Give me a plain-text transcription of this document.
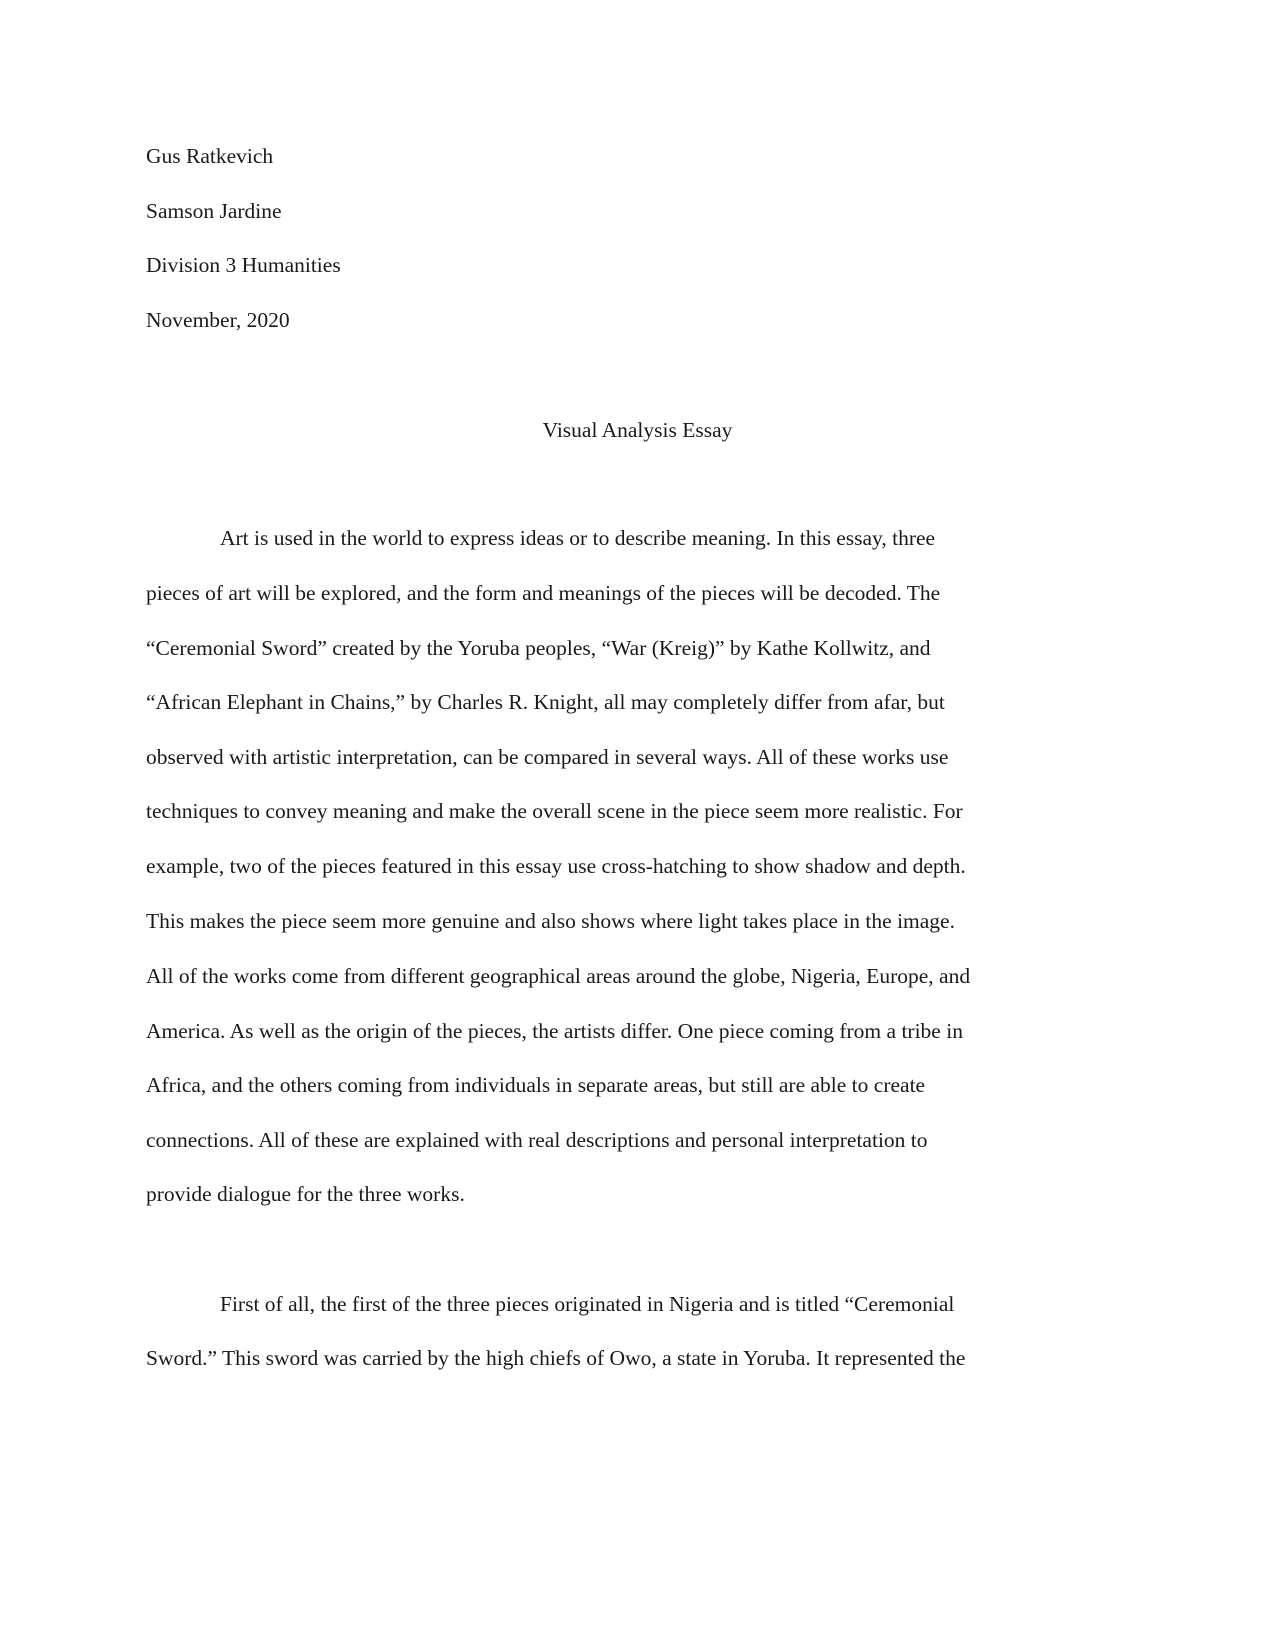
Gus Ratkevich
Samson Jardine
Division 3 Humanities
November, 2020
Visual Analysis Essay
Art is used in the world to express ideas or to describe meaning. In this essay, three
pieces of art will be explored, and the form and meanings of the pieces will be decoded. The
“Ceremonial Sword” created by the Yoruba peoples, “War (Kreig)” by Kathe Kollwitz, and
“African Elephant in Chains,” by Charles R. Knight, all may completely differ from afar, but
observed with artistic interpretation, can be compared in several ways. All of these works use
techniques to convey meaning and make the overall scene in the piece seem more realistic. For
example, two of the pieces featured in this essay use cross-hatching to show shadow and depth.
This makes the piece seem more genuine and also shows where light takes place in the image.
All of the works come from different geographical areas around the globe, Nigeria, Europe, and
America. As well as the origin of the pieces, the artists differ. One piece coming from a tribe in
Africa, and the others coming from individuals in separate areas, but still are able to create
connections. All of these are explained with real descriptions and personal interpretation to
provide dialogue for the three works.
First of all, the first of the three pieces originated in Nigeria and is titled “Ceremonial
Sword.” This sword was carried by the high chiefs of Owo, a state in Yoruba. It represented the
